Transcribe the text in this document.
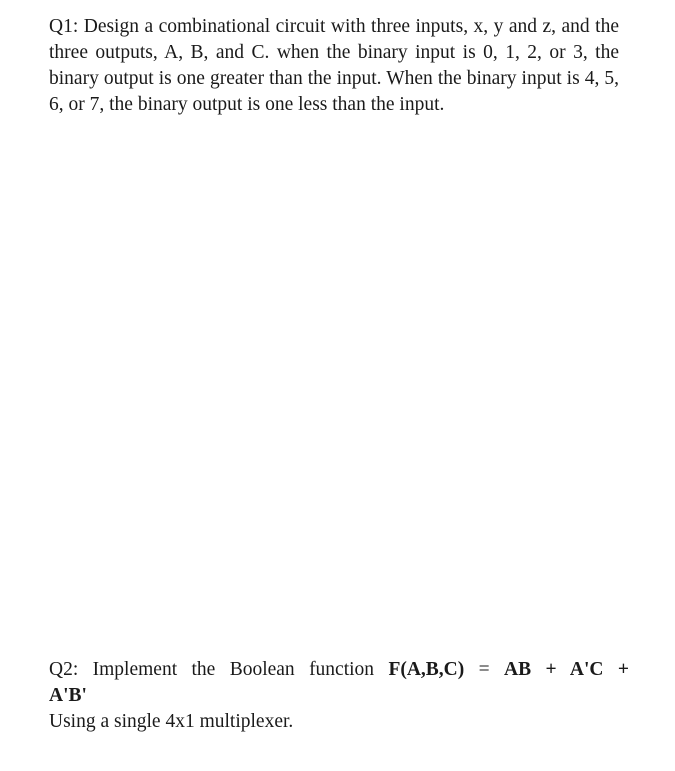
Q1: Design a combinational circuit with three inputs, x, y and z, and the three outputs, A, B, and C. when the binary input is 0, 1, 2, or 3, the binary output is one greater than the input. When the binary input is 4, 5, 6, or 7, the binary output is one less than the input.

Q2: Implement the Boolean function F(A,B,C) = AB + A'C +
A'B'
Using a single 4x1 multiplexer.
